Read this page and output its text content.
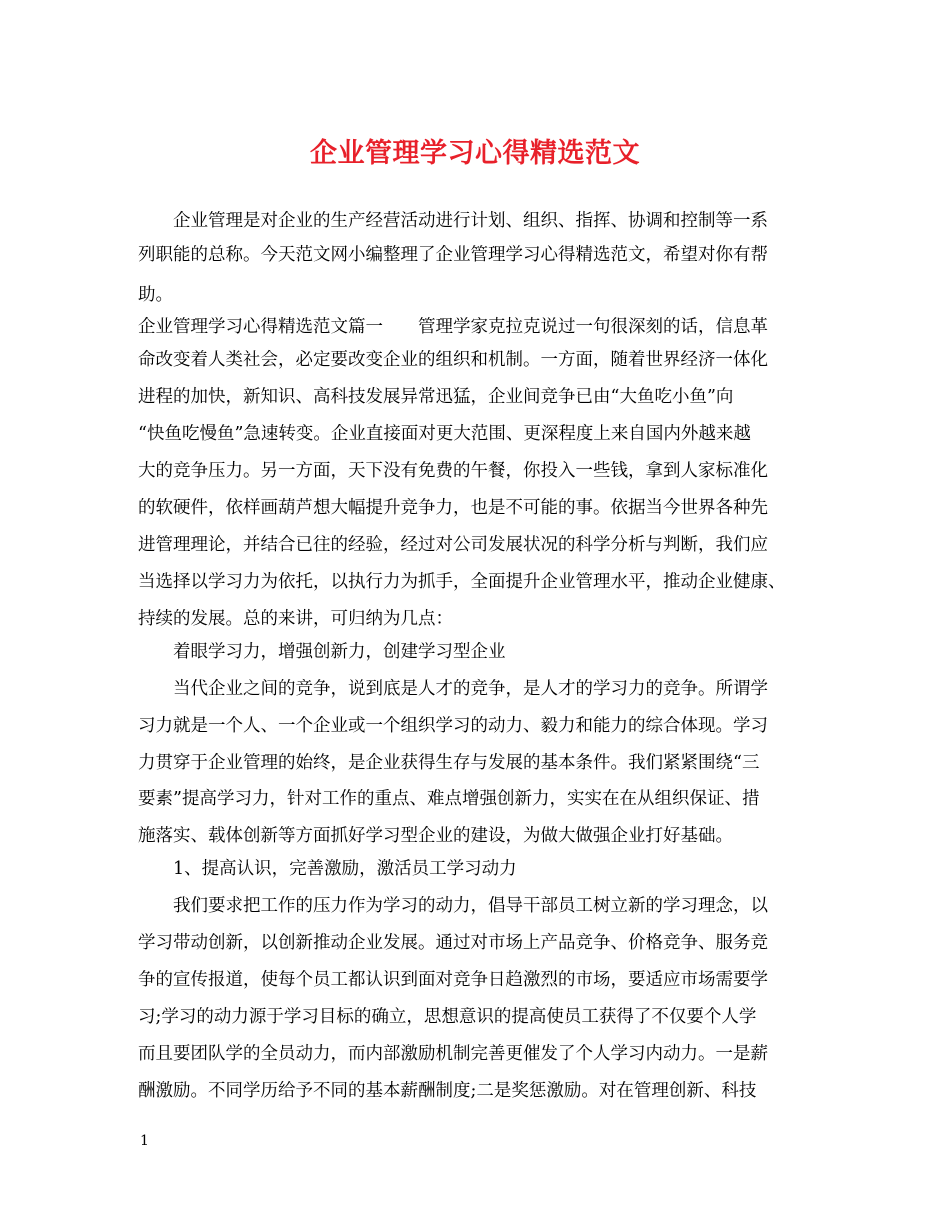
企业管理学习心得精选范文
　　企业管理是对企业的生产经营活动进行计划、组织、指挥、协调和控制等一系
列职能的总称。今天范文网小编整理了企业管理学习心得精选范文，希望对你有帮
助。
企业管理学习心得精选范文篇一　　管理学家克拉克说过一句很深刻的话，信息革
命改变着人类社会，必定要改变企业的组织和机制。一方面，随着世界经济一体化
进程的加快，新知识、高科技发展异常迅猛，企业间竞争已由“大鱼吃小鱼”向
“快鱼吃慢鱼”急速转变。企业直接面对更大范围、更深程度上来自国内外越来越
大的竞争压力。另一方面，天下没有免费的午餐，你投入一些钱，拿到人家标准化
的软硬件，依样画葫芦想大幅提升竞争力，也是不可能的事。依据当今世界各种先
进管理理论，并结合已往的经验，经过对公司发展状况的科学分析与判断，我们应
当选择以学习力为依托，以执行力为抓手，全面提升企业管理水平，推动企业健康、
持续的发展。总的来讲，可归纳为几点：
　　着眼学习力，增强创新力，创建学习型企业
　　当代企业之间的竞争，说到底是人才的竞争，是人才的学习力的竞争。所谓学
习力就是一个人、一个企业或一个组织学习的动力、毅力和能力的综合体现。学习
力贯穿于企业管理的始终，是企业获得生存与发展的基本条件。我们紧紧围绕“三
要素”提高学习力，针对工作的重点、难点增强创新力，实实在在从组织保证、措
施落实、载体创新等方面抓好学习型企业的建设，为做大做强企业打好基础。
　　1、提高认识，完善激励，激活员工学习动力
　　我们要求把工作的压力作为学习的动力，倡导干部员工树立新的学习理念，以
学习带动创新，以创新推动企业发展。通过对市场上产品竞争、价格竞争、服务竞
争的宣传报道，使每个员工都认识到面对竞争日趋激烈的市场，要适应市场需要学
习;学习的动力源于学习目标的确立，思想意识的提高使员工获得了不仅要个人学
而且要团队学的全员动力，而内部激励机制完善更催发了个人学习内动力。一是薪
酬激励。不同学历给予不同的基本薪酬制度;二是奖惩激励。对在管理创新、科技
1
